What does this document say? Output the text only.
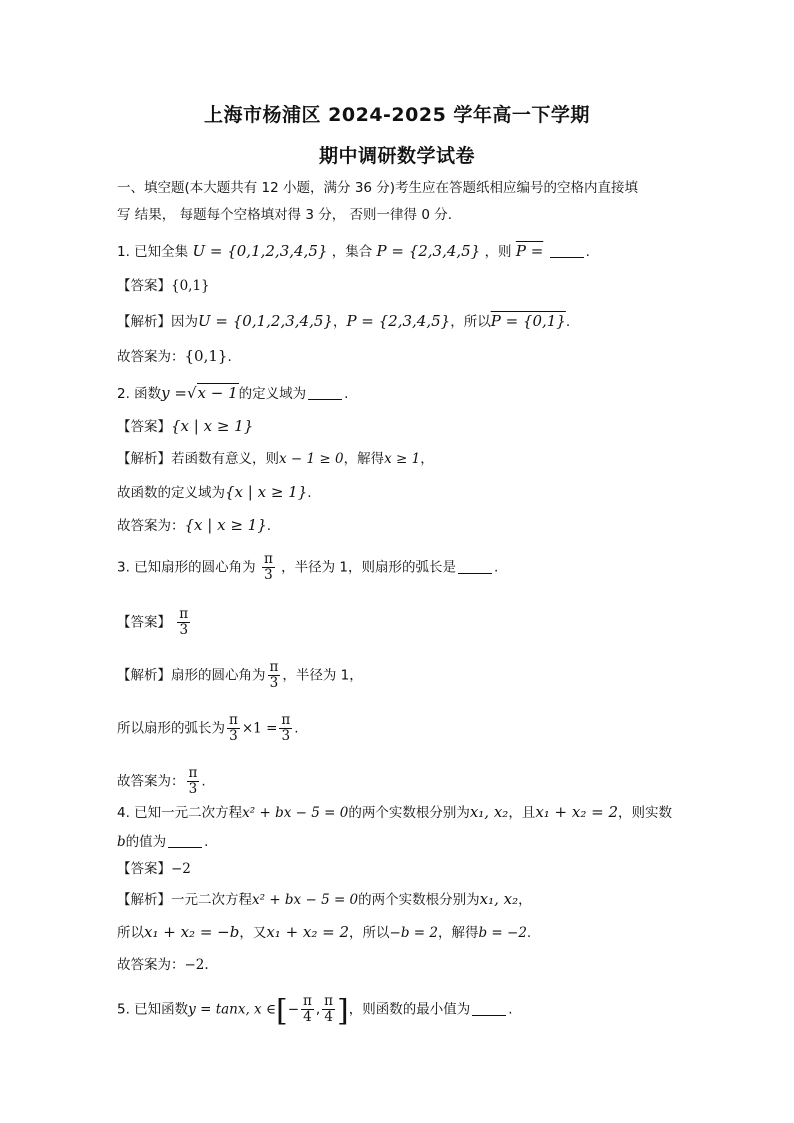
上海市杨浦区 2024-2025 学年高一下学期
期中调研数学试卷
一、填空题(本大题共有 12 小题，满分 36 分)考生应在答题纸相应编号的空格内直接填
写 结果， 每题每个空格填对得 3 分， 否则一律得 0 分.
1. 已知全集 U = {0,1,2,3,4,5} ，集合 P = {2,3,4,5} ，则 P =	.
【答案】{0,1}
【解析】因为U = {0,1,2,3,4,5}，P = {2,3,4,5}，所以P = {0,1}.
故答案为：{0,1}.
2. 函数y =√x − 1的定义域为	.
【答案】{x | x ≥ 1}
【解析】若函数有意义，则x − 1 ≥ 0，解得x ≥ 1，
故函数的定义域为{x | x ≥ 1}.
故答案为：{x | x ≥ 1}.
3. 已知扇形的圆心角为 $\frac{\pi}{3}$ ，半径为 1，则扇形的弧长是	.
【答案】 $\frac{\pi}{3}$
【解析】扇形的圆心角为 $\frac{\pi}{3}$ ，半径为 1，
所以扇形的弧长为 $\frac{\pi}{3} \times 1 = \frac{\pi}{3}$ .
故答案为： $\frac{\pi}{3}$ .
4. 已知一元二次方程x² + bx − 5 = 0的两个实数根分别为x₁, x₂，且x₁ + x₂ = 2，则实数
b的值为	.
【答案】−2
【解析】一元二次方程x² + bx − 5 = 0的两个实数根分别为x₁, x₂，
所以x₁ + x₂ = −b，又x₁ + x₂ = 2，所以−b = 2，解得b = −2.
故答案为：−2.
5. 已知函数y = tanx, x ∈[− $\frac{\pi}{4}$ , $\frac{\pi}{4}$ ]，则函数的最小值为	.
